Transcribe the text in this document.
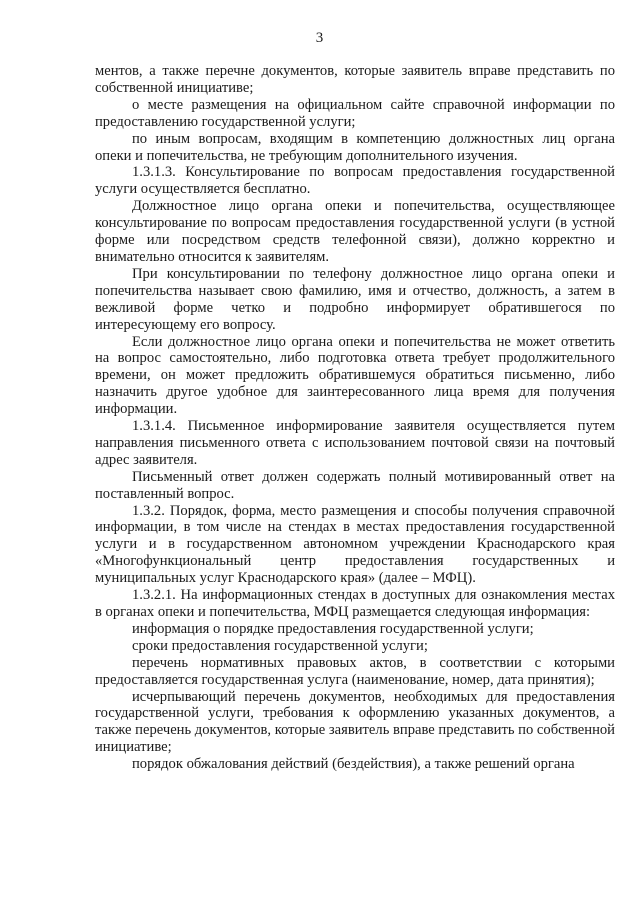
3

ментов, а также перечне документов, которые заявитель вправе представить по собственной инициативе;

о месте размещения на официальном сайте справочной информации по предоставлению государственной услуги;

по иным вопросам, входящим в компетенцию должностных лиц органа опеки и попечительства, не требующим дополнительного изучения.

1.3.1.3. Консультирование по вопросам предоставления государственной услуги осуществляется бесплатно.

Должностное лицо органа опеки и попечительства, осуществляющее консультирование по вопросам предоставления государственной услуги (в устной форме или посредством средств телефонной связи), должно корректно и внимательно относится к заявителям.

При консультировании по телефону должностное лицо органа опеки и попечительства называет свою фамилию, имя и отчество, должность, а затем в вежливой форме четко и подробно информирует обратившегося по интересующему его вопросу.

Если должностное лицо органа опеки и попечительства не может ответить на вопрос самостоятельно, либо подготовка ответа требует продолжительного времени, он может предложить обратившемуся обратиться письменно, либо назначить другое удобное для заинтересованного лица время для получения информации.

1.3.1.4. Письменное информирование заявителя осуществляется путем направления письменного ответа с использованием почтовой связи на почтовый адрес заявителя.

Письменный ответ должен содержать полный мотивированный ответ на поставленный вопрос.

1.3.2. Порядок, форма, место размещения и способы получения справочной информации, в том числе на стендах в местах предоставления государственной услуги и в государственном автономном учреждении Краснодарского края «Многофункциональный центр предоставления государственных и муниципальных услуг Краснодарского края» (далее – МФЦ).

1.3.2.1. На информационных стендах в доступных для ознакомления местах в органах опеки и попечительства, МФЦ размещается следующая информация:

информация о порядке предоставления государственной услуги;

сроки предоставления государственной услуги;

перечень нормативных правовых актов, в соответствии с которыми предоставляется государственная услуга (наименование, номер, дата принятия);

исчерпывающий перечень документов, необходимых для предоставления государственной услуги, требования к оформлению указанных документов, а также перечень документов, которые заявитель вправе представить по собственной инициативе;

порядок обжалования действий (бездействия), а также решений органа
